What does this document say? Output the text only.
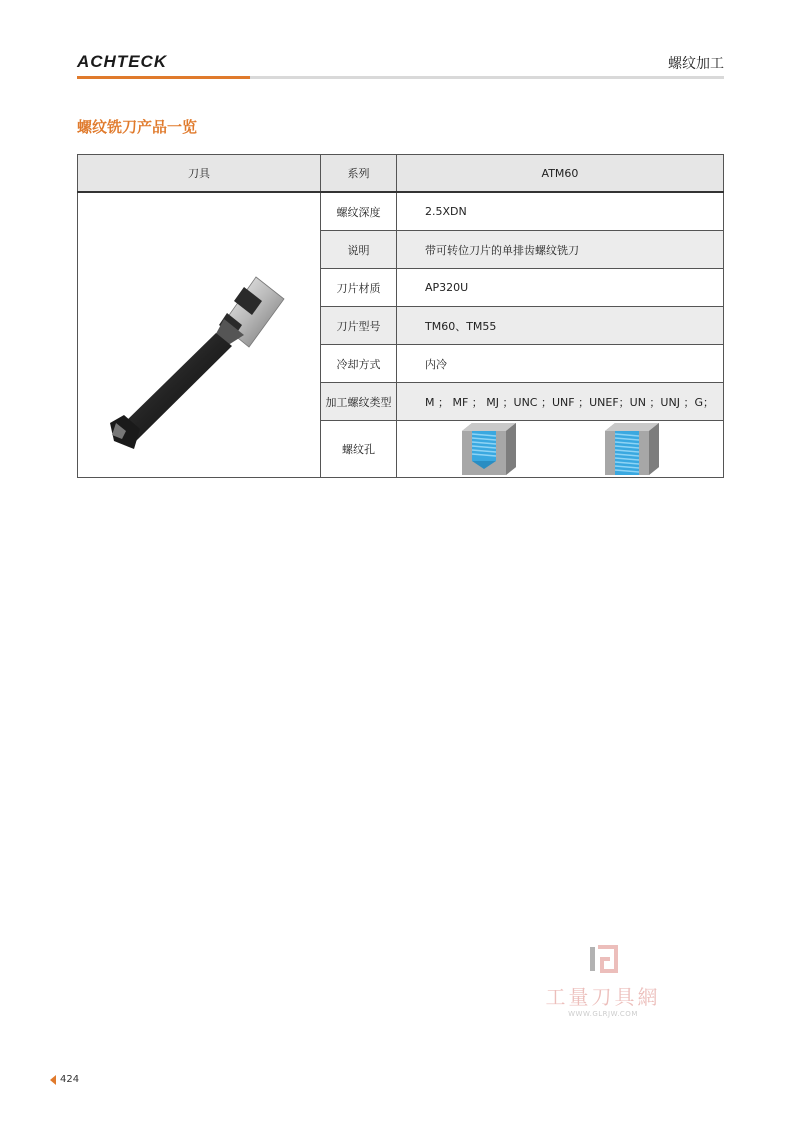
ACHTECK	螺纹加工
螺纹铣刀产品一览
刀具	系列	ATM60
	螺纹深度	2.5XDN
	说明	带可转位刀片的单排齿螺纹铣刀
	刀片材质	AP320U
	刀片型号	TM60、TM55
	冷却方式	内冷
	加工螺纹类型	M ； MF ； MJ ；UNC ；UNF ；UNEF；UN ；UNJ ；G；
	螺纹孔	
工量刀具網
WWW.GLRJW.COM
424
